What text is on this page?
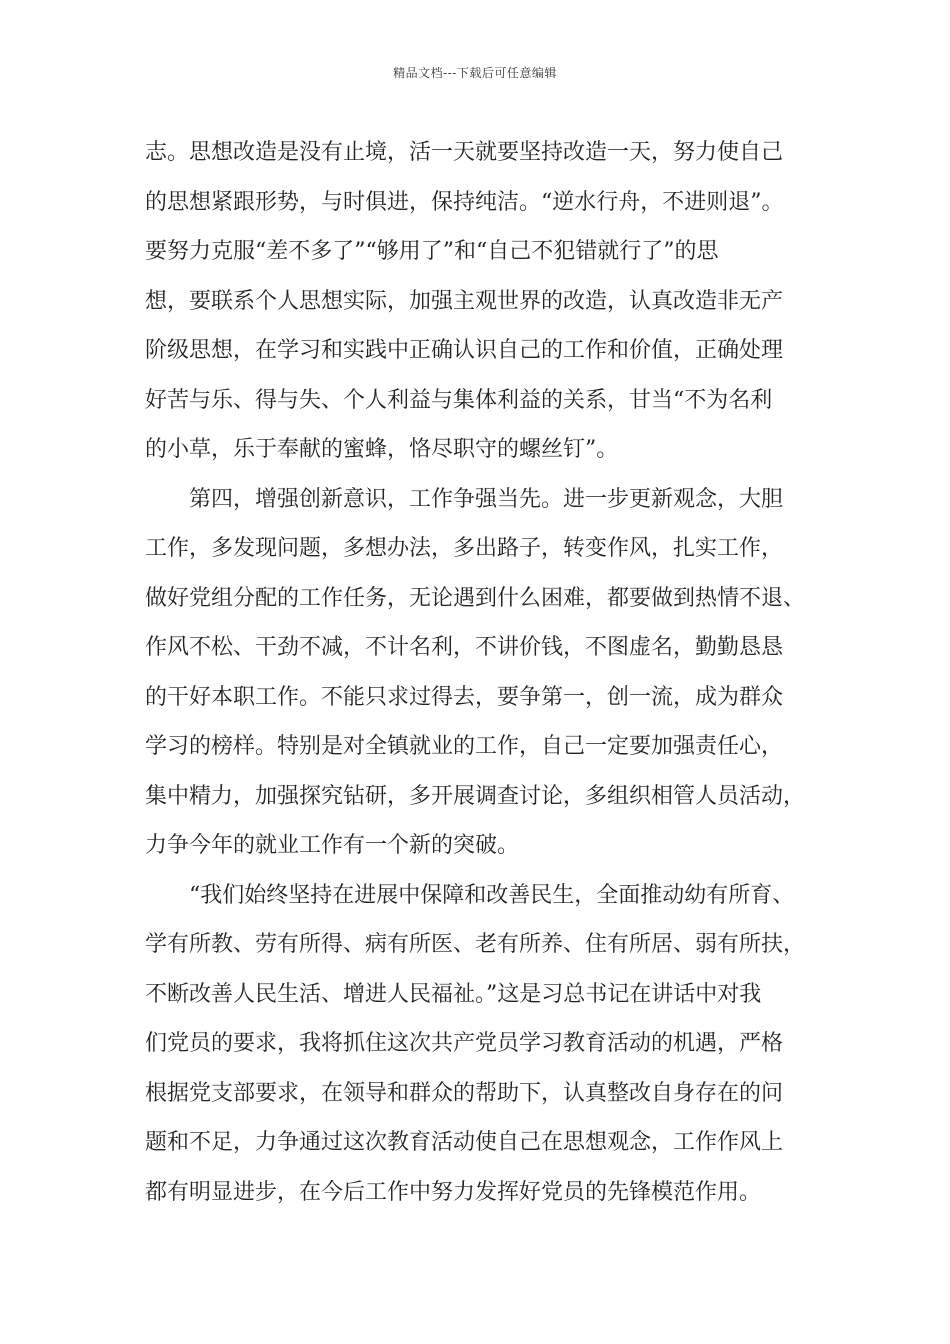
精品文档---下载后可任意编辑
志。思想改造是没有止境，活一天就要坚持改造一天，努力使自己
的思想紧跟形势，与时俱进，保持纯洁。“逆水行舟，不进则退”。
要努力克服“差不多了”“够用了”和“自己不犯错就行了”的思
想，要联系个人思想实际，加强主观世界的改造，认真改造非无产
阶级思想，在学习和实践中正确认识自己的工作和价值，正确处理
好苦与乐、得与失、个人利益与集体利益的关系，甘当“不为名利
的小草，乐于奉献的蜜蜂，恪尽职守的螺丝钉”。
第四，增强创新意识，工作争强当先。进一步更新观念，大胆
工作，多发现问题，多想办法，多出路子，转变作风，扎实工作，
做好党组分配的工作任务，无论遇到什么困难，都要做到热情不退、
作风不松、干劲不减，不计名利，不讲价钱，不图虚名，勤勤恳恳
的干好本职工作。不能只求过得去，要争第一，创一流，成为群众
学习的榜样。特别是对全镇就业的工作，自己一定要加强责任心，
集中精力，加强探究钻研，多开展调查讨论，多组织相管人员活动，
力争今年的就业工作有一个新的突破。
“我们始终坚持在进展中保障和改善民生，全面推动幼有所育、
学有所教、劳有所得、病有所医、老有所养、住有所居、弱有所扶，
不断改善人民生活、增进人民福祉。”这是习总书记在讲话中对我
们党员的要求，我将抓住这次共产党员学习教育活动的机遇，严格
根据党支部要求，在领导和群众的帮助下，认真整改自身存在的问
题和不足，力争通过这次教育活动使自己在思想观念，工作作风上
都有明显进步，在今后工作中努力发挥好党员的先锋模范作用。
